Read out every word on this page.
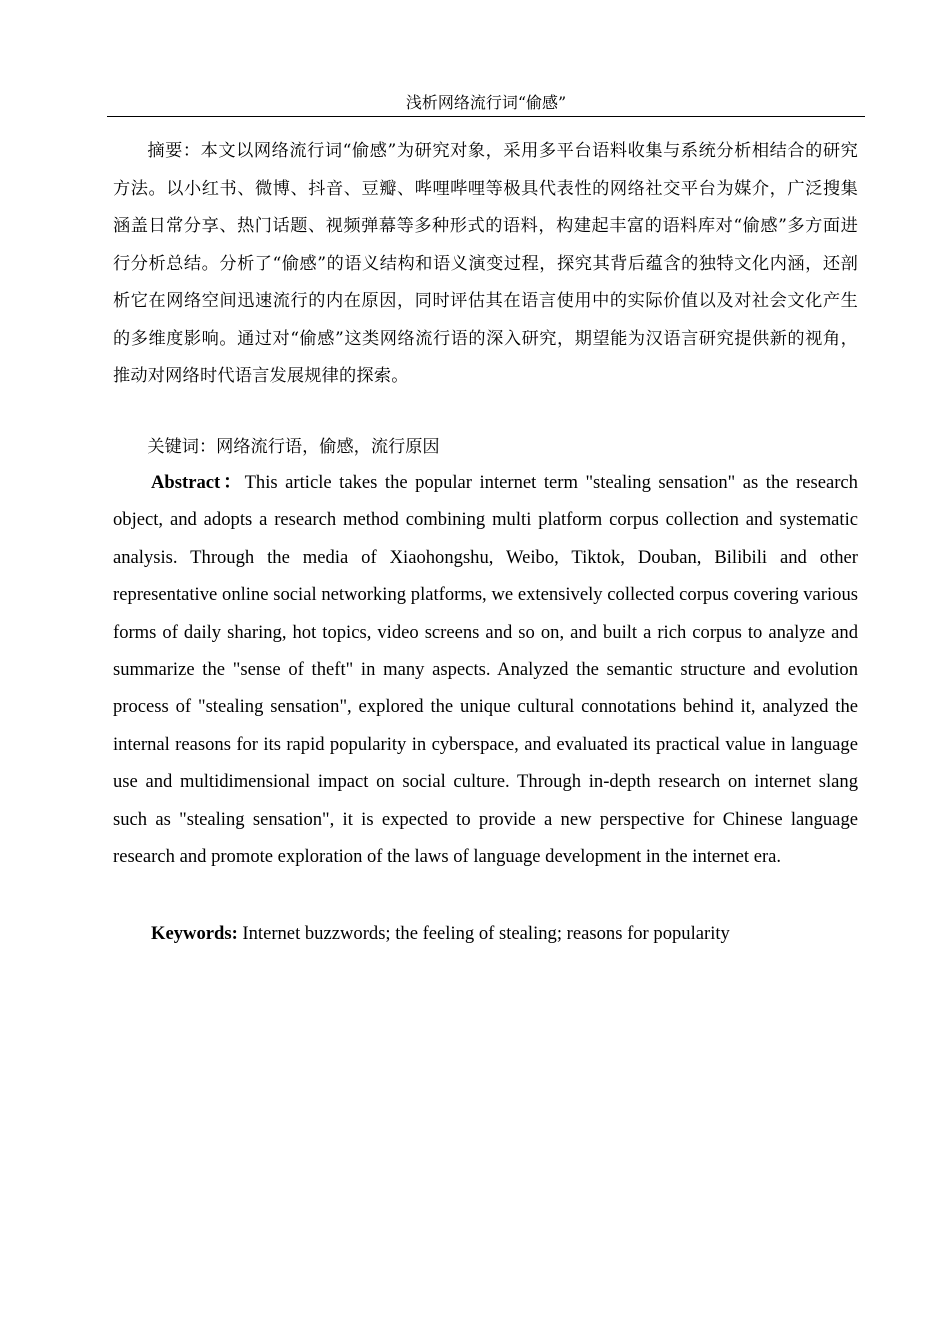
浅析网络流行词“偷感”

摘要：本文以网络流行词“偷感”为研究对象，采用多平台语料收集与系统分析相结合的研究方法。以小红书、微博、抖音、豆瓣、哔哩哔哩等极具代表性的网络社交平台为媒介，广泛搜集涵盖日常分享、热门话题、视频弹幕等多种形式的语料，构建起丰富的语料库对“偷感”多方面进行分析总结。分析了“偷感”的语义结构和语义演变过程，探究其背后蕴含的独特文化内涵，还剖析它在网络空间迅速流行的内在原因，同时评估其在语言使用中的实际价值以及对社会文化产生的多维度影响。通过对“偷感”这类网络流行语的深入研究，期望能为汉语言研究提供新的视角，推动对网络时代语言发展规律的探索。

关键词：网络流行语，偷感，流行原因

Abstract：This article takes the popular internet term "stealing sensation" as the research object, and adopts a research method combining multi platform corpus collection and systematic analysis. Through the media of Xiaohongshu, Weibo, Tiktok, Douban, Bilibili and other representative online social networking platforms, we extensively collected corpus covering various forms of daily sharing, hot topics, video screens and so on, and built a rich corpus to analyze and summarize the "sense of theft" in many aspects. Analyzed the semantic structure and evolution process of "stealing sensation", explored the unique cultural connotations behind it, analyzed the internal reasons for its rapid popularity in cyberspace, and evaluated its practical value in language use and multidimensional impact on social culture. Through in-depth research on internet slang such as "stealing sensation", it is expected to provide a new perspective for Chinese language research and promote exploration of the laws of language development in the internet era.

Keywords: Internet buzzwords; the feeling of stealing; reasons for popularity
